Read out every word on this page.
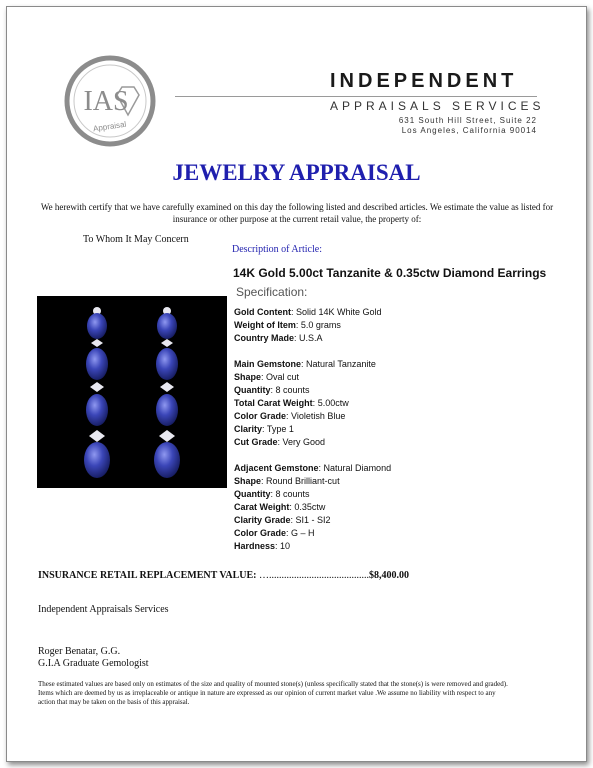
IAS
Appraisal
INDEPENDENT
APPRAISALS SERVICES
631 South Hill Street, Suite 22
Los Angeles, California 90014
JEWELRY APPRAISAL
We herewith certify that we have carefully examined on this day the following listed and described articles. We estimate the value as listed for insurance or other purpose at the current retail value, the property of:
To Whom It May Concern
Description of Article:
14K Gold 5.00ct Tanzanite & 0.35ctw Diamond Earrings
Specification:
Gold Content: Solid 14K White Gold
Weight of Item: 5.0 grams
Country Made: U.S.A
Main Gemstone: Natural Tanzanite
Shape: Oval cut
Quantity: 8 counts
Total Carat Weight: 5.00ctw
Color Grade: Violetish Blue
Clarity: Type 1
Cut Grade: Very Good
Adjacent Gemstone: Natural Diamond
Shape: Round Brilliant-cut
Quantity: 8 counts
Carat Weight: 0.35ctw
Clarity Grade: SI1 - SI2
Color Grade: G – H
Hardness: 10
INSURANCE RETAIL REPLACEMENT VALUE: …........................................$8,400.00
Independent Appraisals Services
Roger Benatar, G.G.
G.I.A Graduate Gemologist
These estimated values are based only on estimates of the size and quality of mounted stone(s) (unless specifically stated that the stone(s) is were removed and graded). Items which are deemed by us as irreplaceable or antique in nature are expressed as our opinion of current market value .We assume no liability with respect to any action that may be taken on the basis of this appraisal.
